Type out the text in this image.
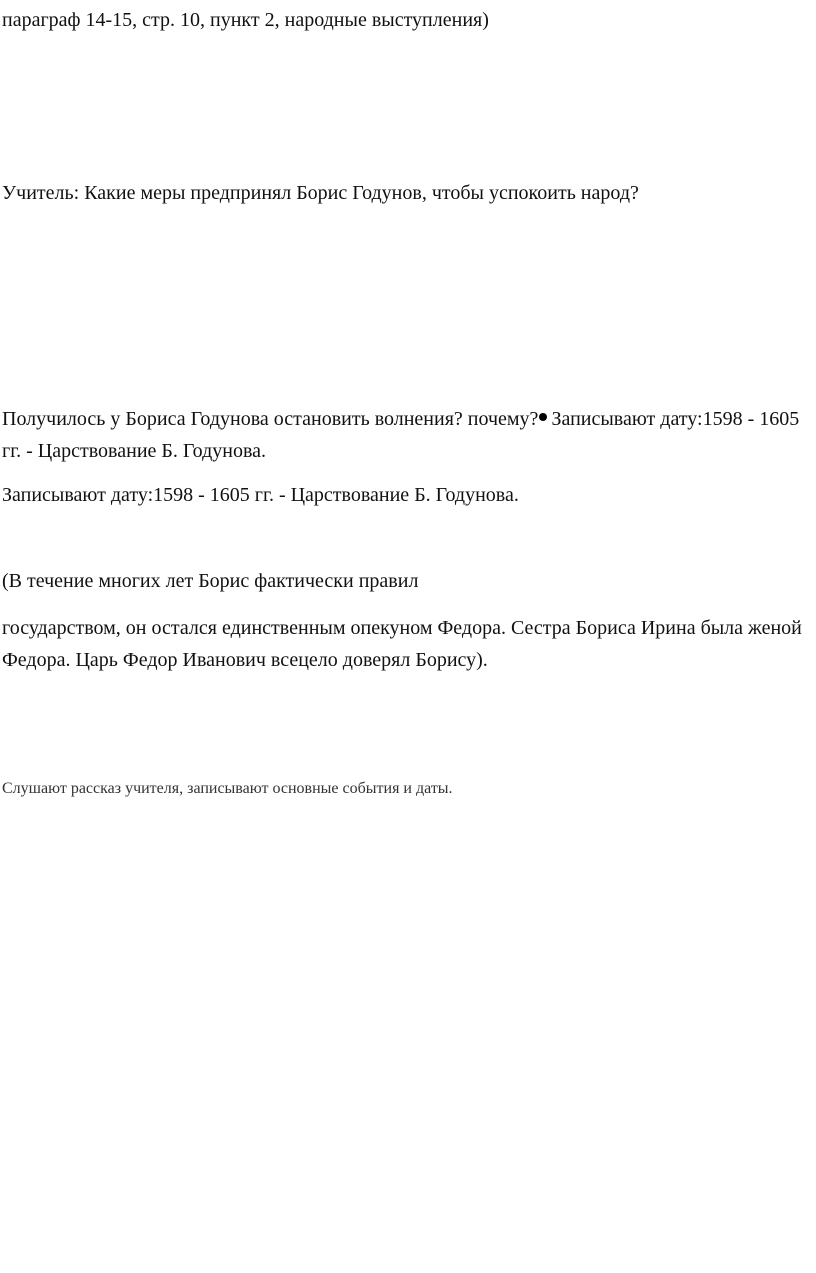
параграф 14-15, стр. 10, пункт 2, народные выступления)

Учитель: Какие меры предпринял Борис Годунов, чтобы успокоить народ?

Получилось у Бориса Годунова остановить волнения? почему? Записывают дату:1598 - 1605 гг. - Царствование Б. Годунова.

Записывают дату:1598 - 1605 гг. - Царствование Б. Годунова.

(В течение многих лет Борис фактически правил

государством, он остался единственным опекуном Федора. Сестра Бориса Ирина была женой Федора. Царь Федор Иванович всецело доверял Борису).

Слушают рассказ учителя, записывают основные события и даты.
